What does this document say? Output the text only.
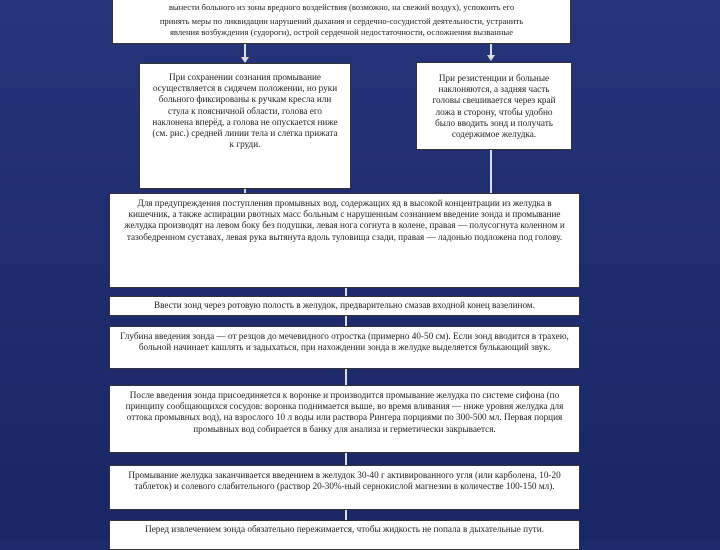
вынести больного из зоны вредного воздействия (возможно, на свежий воздух), успокоить его
принять меры по ликвидации нарушений дыхания и сердечно-сосудистой деятельности, устранить
явления возбуждения (судороги), острой сердечной недостаточности, осложнения вызванные
При сохранении сознания промывание осуществляется в сидячем положении, но руки больного фиксированы к ручкам кресла или стула к поясничной области, голова его наклонена вперёд, а голова не опускается ниже (см. рис.) средней линии тела и слегка прижата к груди.
При резистенции и больные наклоняются, а задняя часть головы свешивается через край ложа в сторону, чтобы удобно было вводить зонд и получать содержимое желудка.
Для предупреждения поступления промывных вод, содержащих яд в высокой концентрации из желудка в кишечник, а также аспирации рвотных масс больным с нарушенным сознанием введение зонда и промывание желудка производят на левом боку без подушки, левая нога согнута в колене, правая — полусогнута коленном и тазобедренном суставах, левая рука вытянута вдоль туловища сзади, правая — ладонью подложена под голову.
Ввести зонд через ротовую полость в желудок, предварительно смазав входной конец вазелином.
Глубина введения зонда — от резцов до мечевидного отростка (примерно 40-50 см). Если зонд вводится в трахею, больной начинает кашлять и задыхаться, при нахождении зонда в желудке выделяется булькающий звук.
После введения зонда присоединяется к воронке и производится промывание желудка по системе сифона (по принципу сообщающихся сосудов: воронка поднимается выше, во время вливания — ниже уровня желудка для оттока промывных вод), на взрослого 10 л воды или раствора Рингера порциями по 300-500 мл. Первая порция промывных вод собирается в банку для анализа и герметически закрывается.
Промывание желудка заканчивается введением в желудок 30-40 г активированного угля (или карболена, 10-20 таблеток) и солевого слабительного (раствор 20-30%-ный сернокислой магнезии в количестве 100-150 мл).
Перед извлечением зонда обязательно пережимается, чтобы жидкость не попала в дыхательные пути.
